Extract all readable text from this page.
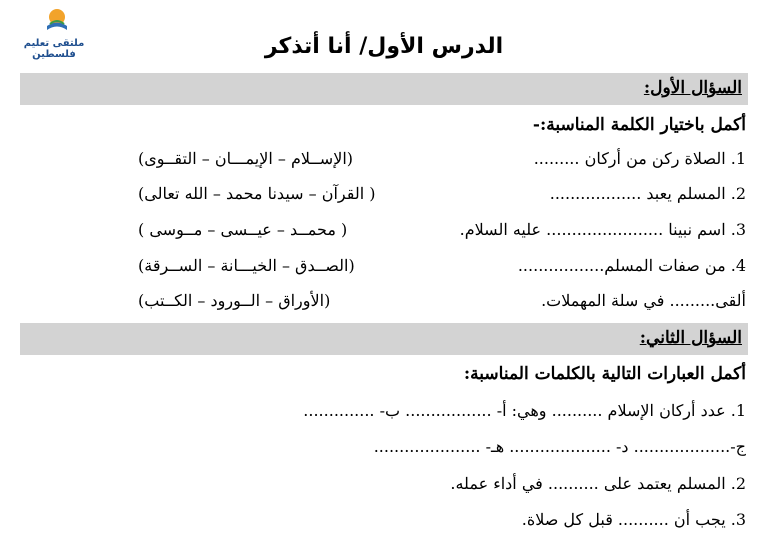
ملتقى تعليم فلسطين	الدرس الأول/ أنا أتذكر
السؤال الأول:
أكمل باختيار الكلمة المناسبة:-
1. الصلاة ركن من أركان .........
(الإســلام – الإيمـــان – التقــوى)
2. المسلم يعبد ..................
( القرآن – سيدنا محمد – الله تعالى)
3. اسم نبينا ....................... عليه السلام.
( محمــد – عيــسى – مــوسى )
4. من صفات المسلم.................
(الصــدق – الخيـــانة – الســرقة)
ألقى......... في سلة المهملات.
(الأوراق – الــورود – الكــتب)
السؤال الثاني:
أكمل العبارات التالية بالكلمات المناسبة:
1. عدد أركان الإسلام .......... وهي: أ- ................. ب- ..............
ج-................... د- .................... هـ- .....................
2. المسلم يعتمد على .......... في أداء عمله.
3. يجب أن .......... قبل كل صلاة.
